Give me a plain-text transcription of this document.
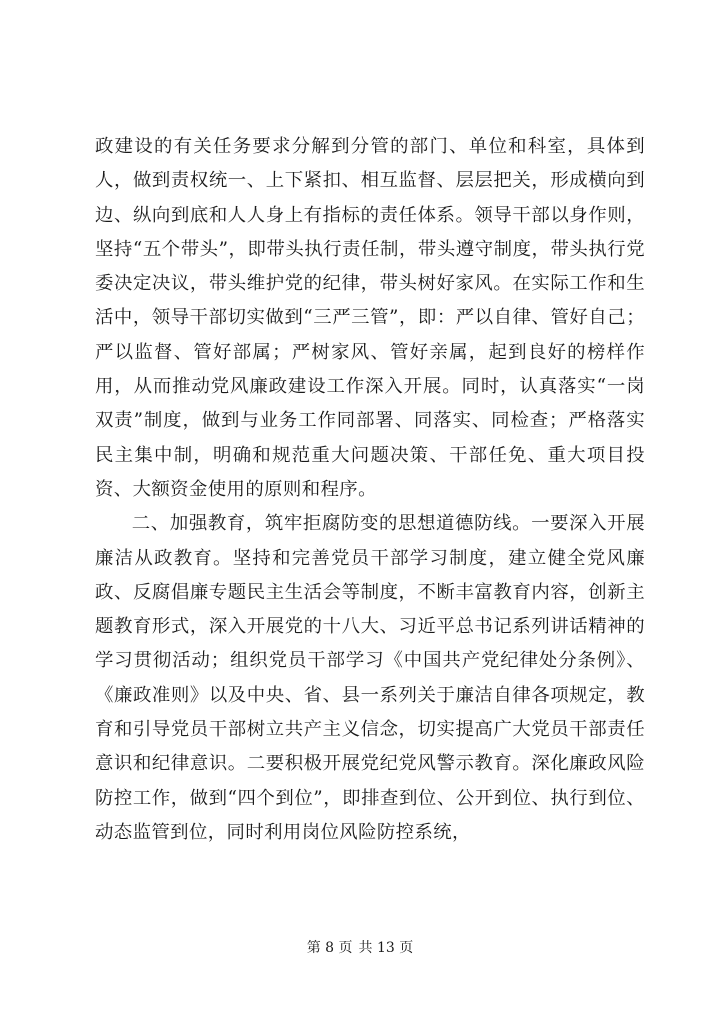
政建设的有关任务要求分解到分管的部门、单位和科室，具体到人，做到责权统一、上下紧扣、相互监督、层层把关，形成横向到边、纵向到底和人人身上有指标的责任体系。领导干部以身作则，坚持“五个带头”，即带头执行责任制，带头遵守制度，带头执行党委决定决议，带头维护党的纪律，带头树好家风。在实际工作和生活中，领导干部切实做到“三严三管”，即：严以自律、管好自己；严以监督、管好部属；严树家风、管好亲属，起到良好的榜样作用，从而推动党风廉政建设工作深入开展。同时，认真落实“一岗双责”制度，做到与业务工作同部署、同落实、同检查；严格落实民主集中制，明确和规范重大问题决策、干部任免、重大项目投资、大额资金使用的原则和程序。

二、加强教育，筑牢拒腐防变的思想道德防线。一要深入开展廉洁从政教育。坚持和完善党员干部学习制度，建立健全党风廉政、反腐倡廉专题民主生活会等制度，不断丰富教育内容，创新主题教育形式，深入开展党的十八大、习近平总书记系列讲话精神的学习贯彻活动；组织党员干部学习《中国共产党纪律处分条例》、《廉政准则》以及中央、省、县一系列关于廉洁自律各项规定，教育和引导党员干部树立共产主义信念，切实提高广大党员干部责任意识和纪律意识。二要积极开展党纪党风警示教育。深化廉政风险防控工作，做到“四个到位”，即排查到位、公开到位、执行到位、动态监管到位，同时利用岗位风险防控系统，

第 8 页 共 13 页
